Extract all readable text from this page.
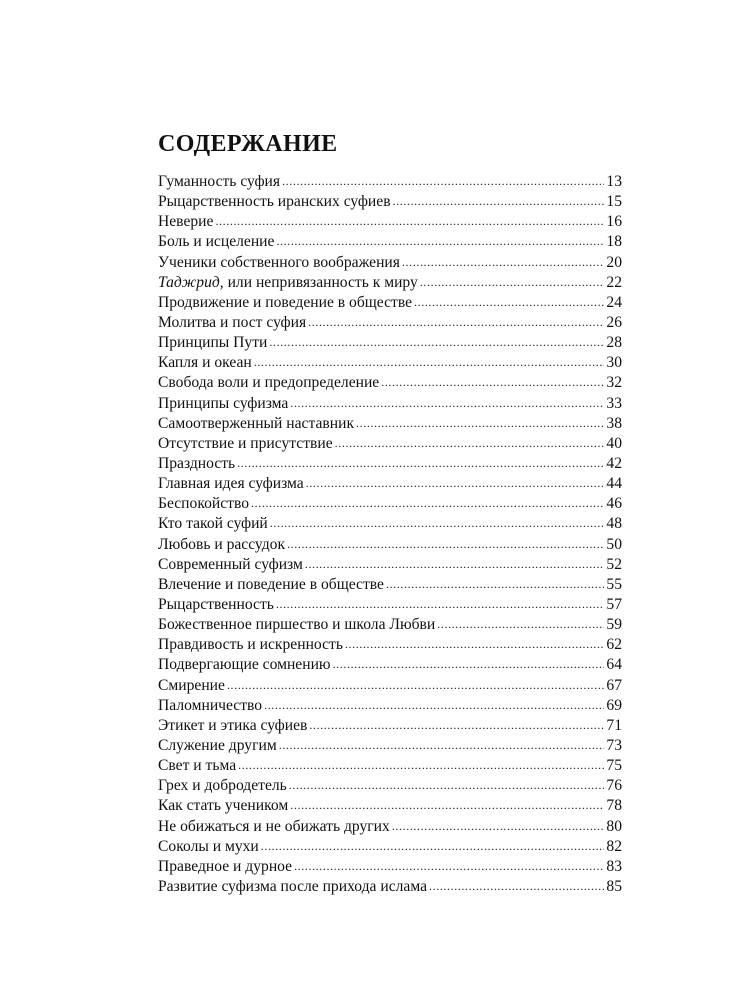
СОДЕРЖАНИЕ
Гуманность суфия .....	13
Рыцарственность иранских суфиев .....	15
Неверие .....	16
Боль и исцеление .....	18
Ученики собственного воображения .....	20
Таджрид, или непривязанность к миру .....	22
Продвижение и поведение в обществе .....	24
Молитва и пост суфия .....	26
Принципы Пути .....	28
Капля и океан .....	30
Свобода воли и предопределение .....	32
Принципы суфизма .....	33
Самоотверженный наставник .....	38
Отсутствие и присутствие .....	40
Праздность .....	42
Главная идея суфизма .....	44
Беспокойство .....	46
Кто такой суфий .....	48
Любовь и рассудок .....	50
Современный суфизм .....	52
Влечение и поведение в обществе .....	55
Рыцарственность .....	57
Божественное пиршество и школа Любви .....	59
Правдивость и искренность .....	62
Подвергающие сомнению .....	64
Смирение .....	67
Паломничество .....	69
Этикет и этика суфиев .....	71
Служение другим .....	73
Свет и тьма .....	75
Грех и добродетель .....	76
Как стать учеником .....	78
Не обижаться и не обижать других .....	80
Соколы и мухи .....	82
Праведное и дурное .....	83
Развитие суфизма после прихода ислама .....	85
